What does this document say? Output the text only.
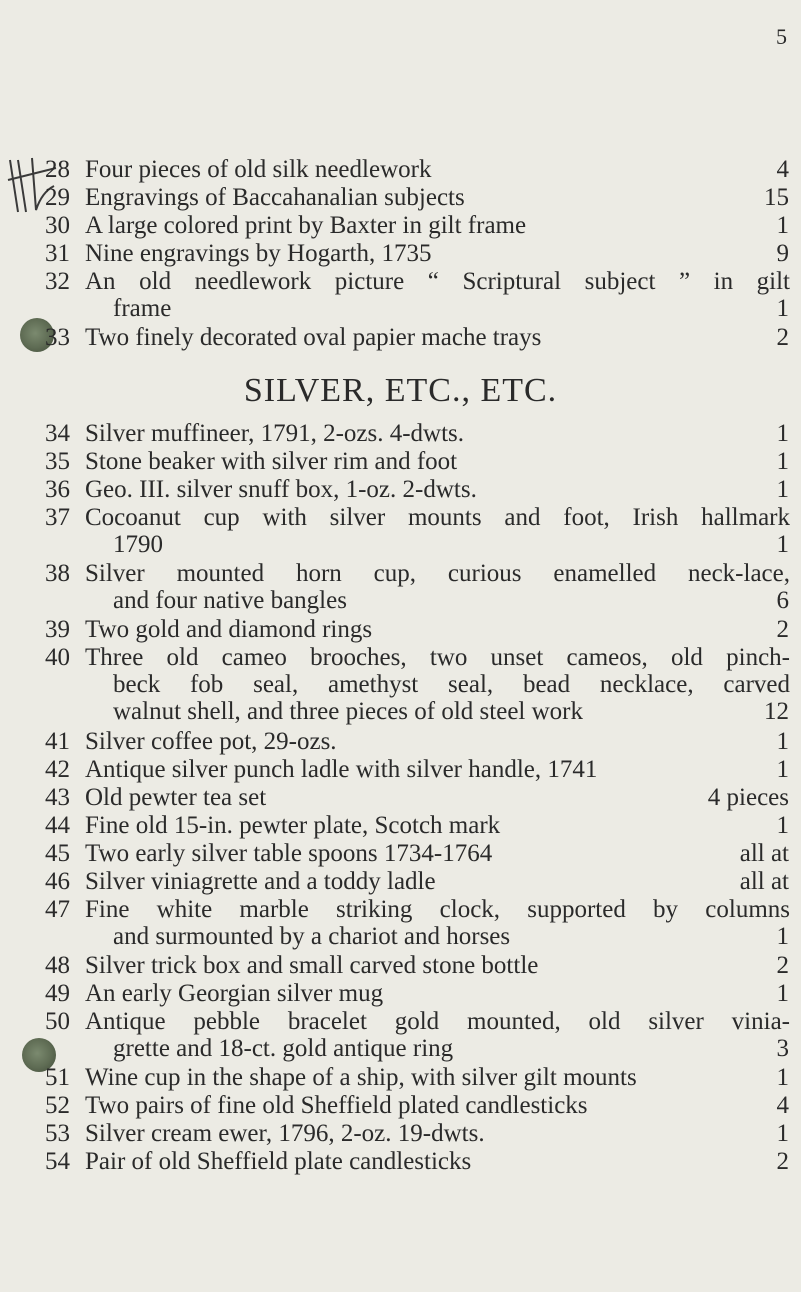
5
28 Four pieces of old silk needlework	4
29 Engravings of Baccahanalian subjects	15
30 A large colored print by Baxter in gilt frame	1
31 Nine engravings by Hogarth, 1735	9
32 An old needlework picture “ Scriptural subject ” in gilt
frame	1
33 Two finely decorated oval papier mache trays	2
SILVER, ETC., ETC.
34 Silver muffineer, 1791, 2-ozs. 4-dwts.	1
35 Stone beaker with silver rim and foot	1
36 Geo. III. silver snuff box, 1-oz. 2-dwts.	1
37 Cocoanut cup with silver mounts and foot, Irish hallmark
1790	1
38 Silver mounted horn cup, curious enamelled neck-lace,
and four native bangles	6
39 Two gold and diamond rings	2
40 Three old cameo brooches, two unset cameos, old pinch-
beck fob seal, amethyst seal, bead necklace, carved
walnut shell, and three pieces of old steel work	12
41 Silver coffee pot, 29-ozs.	1
42 Antique silver punch ladle with silver handle, 1741	1
43 Old pewter tea set	4 pieces
44 Fine old 15-in. pewter plate, Scotch mark	1
45 Two early silver table spoons 1734-1764	all at
46 Silver viniagrette and a toddy ladle	all at
47 Fine white marble striking clock, supported by columns
and surmounted by a chariot and horses	1
48 Silver trick box and small carved stone bottle	2
49 An early Georgian silver mug	1
50 Antique pebble bracelet gold mounted, old silver vinia-
grette and 18-ct. gold antique ring	3
51 Wine cup in the shape of a ship, with silver gilt mounts	1
52 Two pairs of fine old Sheffield plated candlesticks	4
53 Silver cream ewer, 1796, 2-oz. 19-dwts.	1
54 Pair of old Sheffield plate candlesticks	2
